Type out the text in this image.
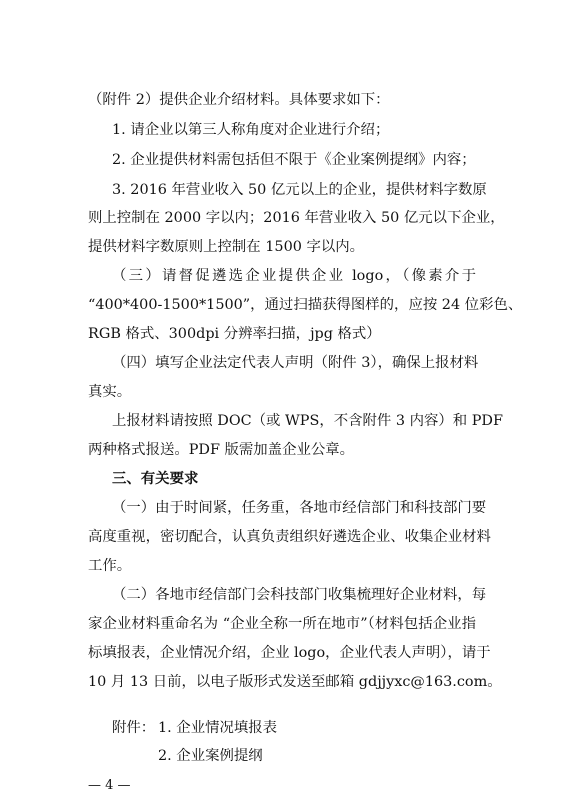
（附件 2）提供企业介绍材料。具体要求如下：
1. 请企业以第三人称角度对企业进行介绍；
2. 企业提供材料需包括但不限于《企业案例提纲》内容；
3. 2016 年营业收入 50 亿元以上的企业，提供材料字数原
则上控制在 2000 字以内；2016 年营业收入 50 亿元以下企业，
提供材料字数原则上控制在 1500 字以内。
（三）请督促遴选企业提供企业 logo，（像素介于
“400*400-1500*1500”，通过扫描获得图样的，应按 24 位彩色、
RGB 格式、300dpi 分辨率扫描，jpg 格式）
（四）填写企业法定代表人声明（附件 3），确保上报材料
真实。
上报材料请按照 DOC（或 WPS，不含附件 3 内容）和 PDF
两种格式报送。PDF 版需加盖企业公章。
三、有关要求
（一）由于时间紧，任务重，各地市经信部门和科技部门要
高度重视，密切配合，认真负责组织好遴选企业、收集企业材料
工作。
（二）各地市经信部门会科技部门收集梳理好企业材料，每
家企业材料重命名为 “企业全称一所在地市”（材料包括企业指
标填报表，企业情况介绍，企业 logo，企业代表人声明），请于
10 月 13 日前，以电子版形式发送至邮箱 gdjjyxc@163.com。
附件： 1. 企业情况填报表
2. 企业案例提纲
— 4 —
